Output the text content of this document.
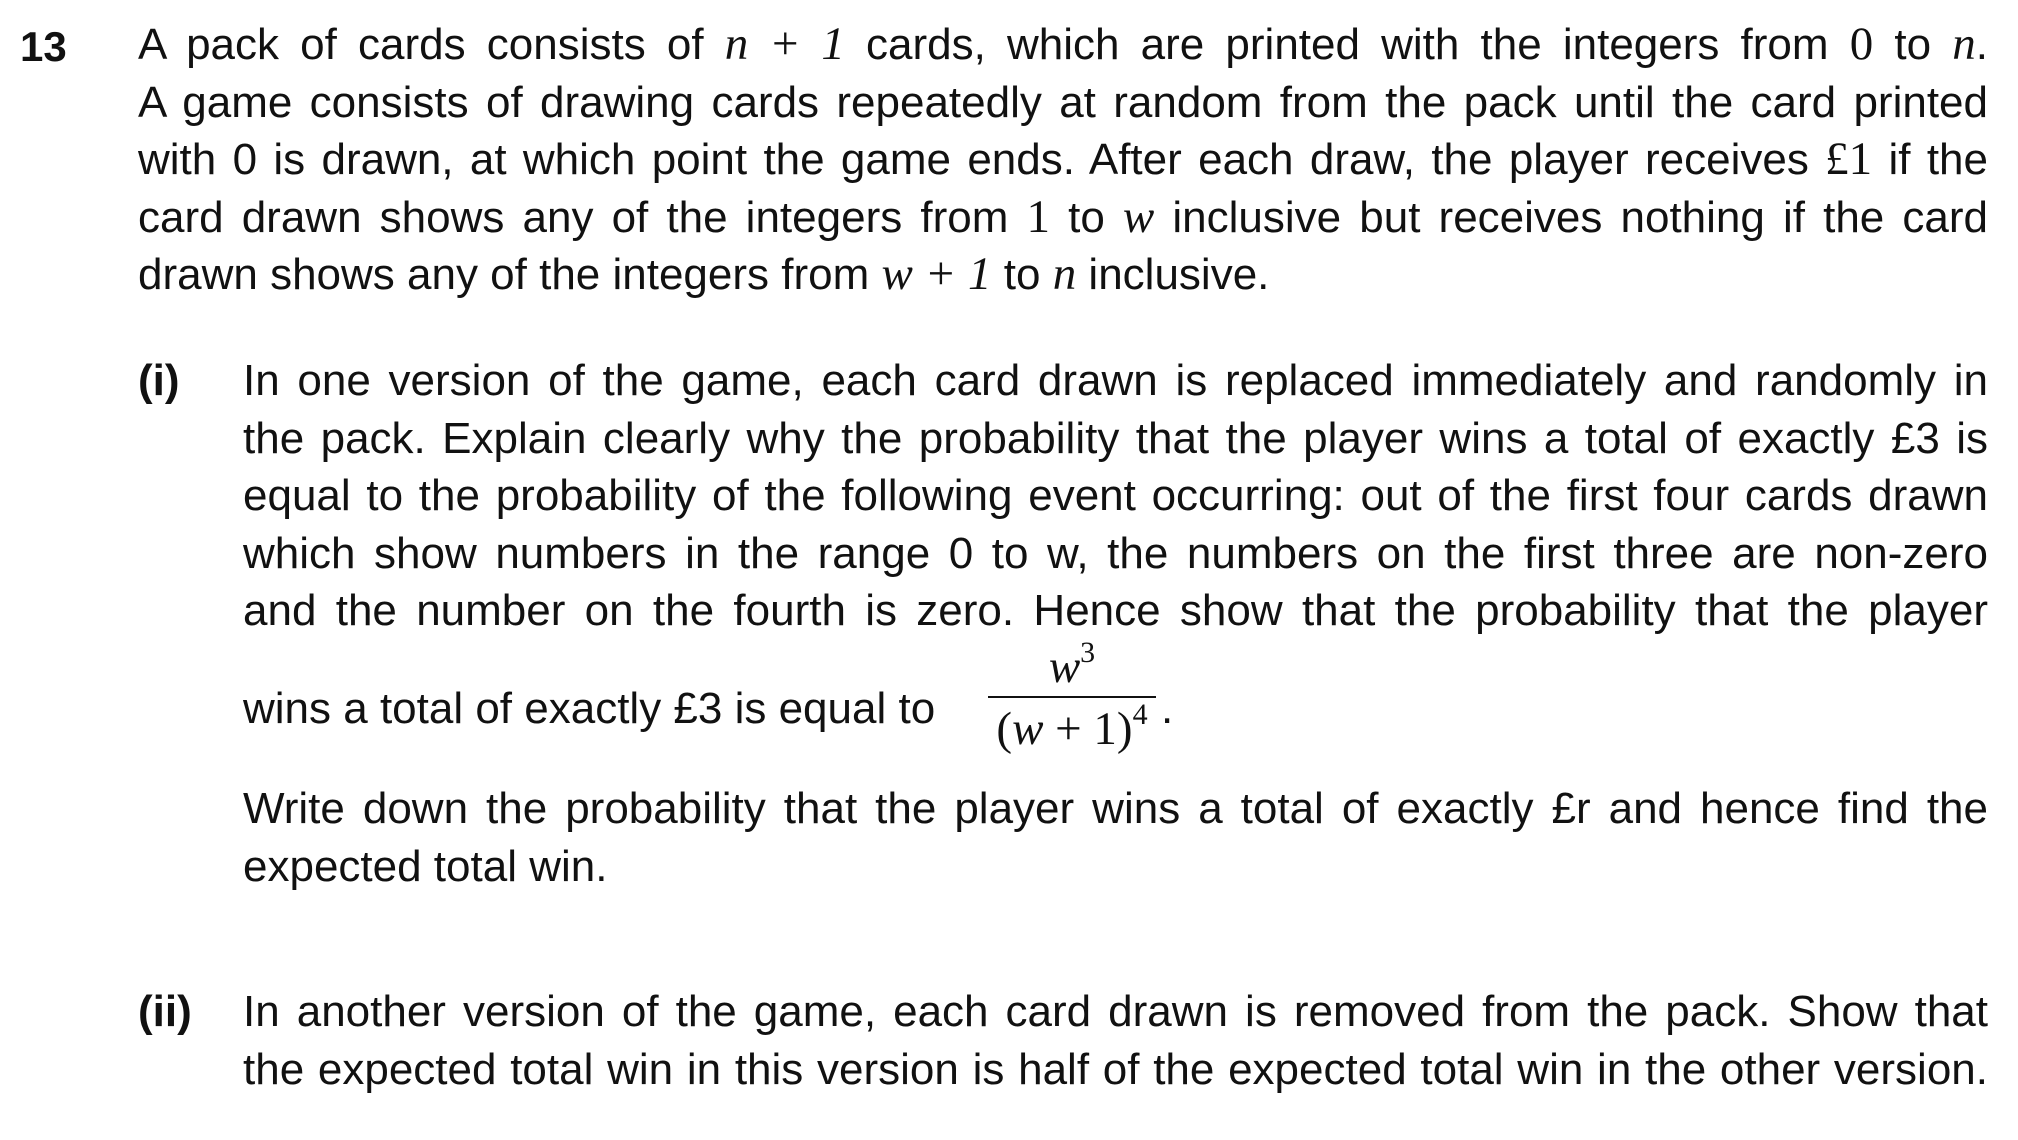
13 A pack of cards consists of n + 1 cards, which are printed with the integers from 0 to n.
A game consists of drawing cards repeatedly at random from the pack until the card printed
with 0 is drawn, at which point the game ends. After each draw, the player receives £1 if the
card drawn shows any of the integers from 1 to w inclusive but receives nothing if the card
drawn shows any of the integers from w + 1 to n inclusive.
(i) In one version of the game, each card drawn is replaced immediately and randomly in
the pack. Explain clearly why the probability that the player wins a total of exactly £3 is
equal to the probability of the following event occurring: out of the first four cards drawn
which show numbers in the range 0 to w, the numbers on the first three are non-zero
and the number on the fourth is zero. Hence show that the probability that the player
wins a total of exactly £3 is equal to
$w^3$
$(w + 1)^4$ .
Write down the probability that the player wins a total of exactly £r and hence find the
expected total win.
(ii) In another version of the game, each card drawn is removed from the pack. Show that
the expected total win in this version is half of the expected total win in the other version.
